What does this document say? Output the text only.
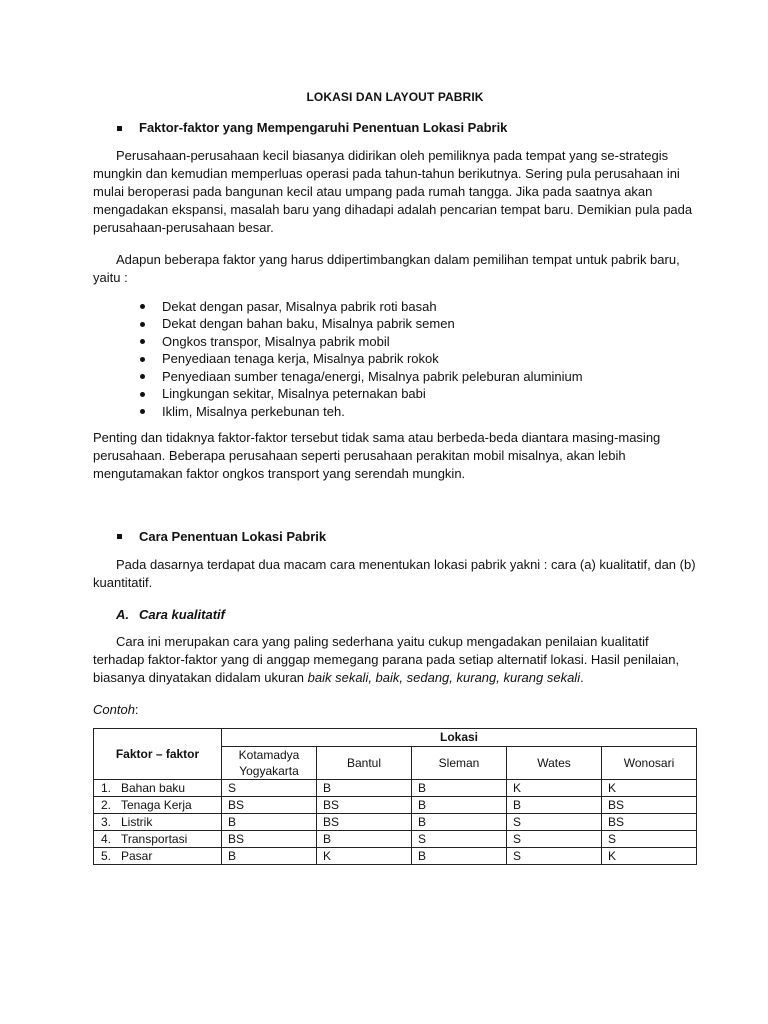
LOKASI DAN LAYOUT PABRIK
Faktor-faktor yang Mempengaruhi Penentuan Lokasi Pabrik

Perusahaan-perusahaan kecil biasanya didirikan oleh pemiliknya pada tempat yang se-strategis mungkin dan kemudian memperluas operasi pada tahun-tahun berikutnya. Sering pula perusahaan ini mulai beroperasi pada bangunan kecil atau umpang pada rumah tangga. Jika pada saatnya akan mengadakan ekspansi, masalah baru yang dihadapi adalah pencarian tempat baru. Demikian pula pada perusahaan-perusahaan besar.

Adapun beberapa faktor yang harus ddipertimbangkan dalam pemilihan tempat untuk pabrik baru, yaitu :

Dekat dengan pasar, Misalnya pabrik roti basah
Dekat dengan bahan baku, Misalnya pabrik semen
Ongkos transpor, Misalnya pabrik mobil
Penyediaan tenaga kerja, Misalnya pabrik rokok
Penyediaan sumber tenaga/energi, Misalnya pabrik peleburan aluminium
Lingkungan sekitar, Misalnya peternakan babi
Iklim, Misalnya perkebunan teh.

Penting dan tidaknya faktor-faktor tersebut tidak sama atau berbeda-beda diantara masing-masing perusahaan. Beberapa perusahaan seperti perusahaan perakitan mobil misalnya, akan lebih mengutamakan faktor ongkos transport yang serendah mungkin.

Cara Penentuan Lokasi Pabrik

Pada dasarnya terdapat dua macam cara menentukan lokasi pabrik yakni : cara (a) kualitatif, dan (b) kuantitatif.

A. Cara kualitatif

Cara ini merupakan cara yang paling sederhana yaitu cukup mengadakan penilaian kualitatif terhadap faktor-faktor yang di anggap memegang parana pada setiap alternatif lokasi. Hasil penilaian, biasanya dinyatakan didalam ukuran baik sekali, baik, sedang, kurang, kurang sekali.

Contoh:

Faktor – faktor	Lokasi				
	Kotamadya Yogyakarta	Bantul	Sleman	Wates	Wonosari
1. Bahan baku	S	B	B	K	K
2. Tenaga Kerja	BS	BS	B	B	BS
3. Listrik	B	BS	B	S	BS
4. Transportasi	BS	B	S	S	S
5. Pasar	B	K	B	S	K
